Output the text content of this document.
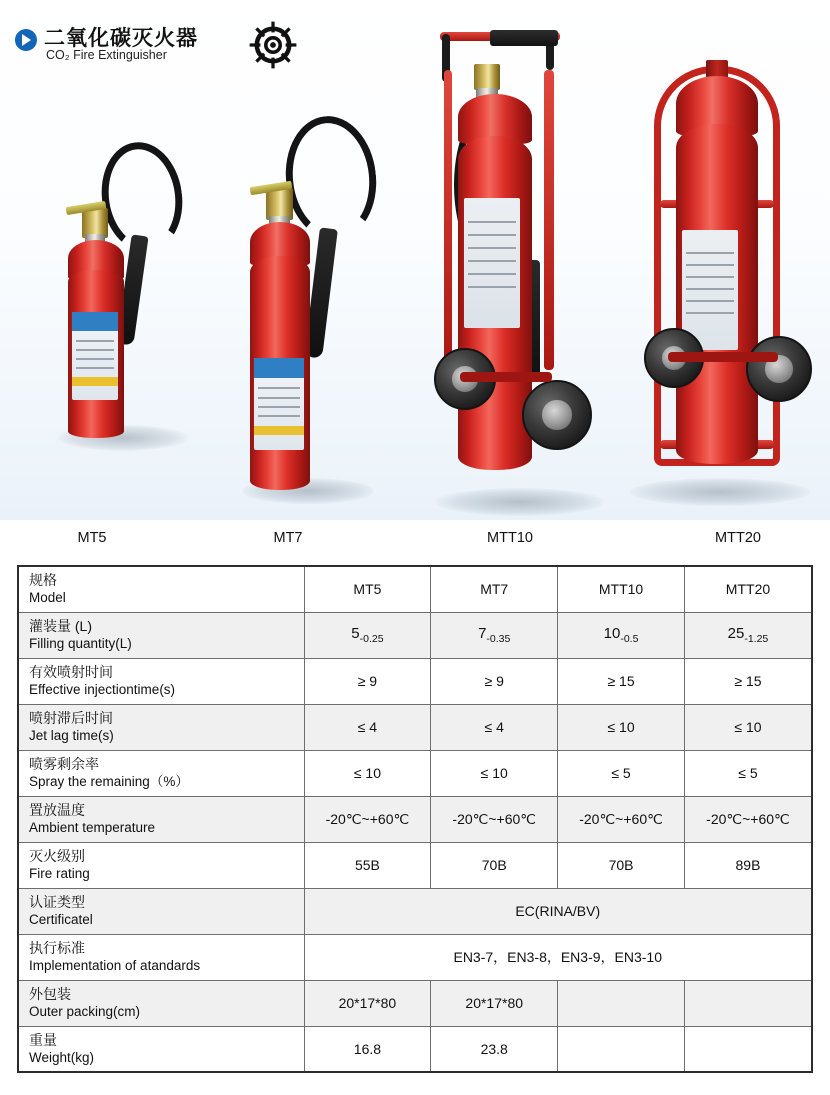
二氧化碳灭火器
CO₂ Fire Extinguisher
MT5	MT7	MTT10	MTT20
规格
Model	MT5	MT7	MTT10	MTT20

灌装量 (L)
Filling quantity(L)	$5_{-0.25}$	$7_{-0.35}$	$10_{-0.5}$	$25_{-1.25}$

有效喷射时间
Effective injectiontime(s)	≥ 9	≥ 9	≥ 15	≥ 15

喷射滞后时间
Jet lag time(s)	≤ 4	≤ 4	≤ 10	≤ 10

喷雾剩余率
Spray the remaining（%）	≤ 10	≤ 10	≤ 5	≤ 5

置放温度
Ambient temperature	-20℃~+60℃	-20℃~+60℃	-20℃~+60℃	-20℃~+60℃

灭火级别
Fire rating	55B	70B	70B	89B

认证类型
Certificatel	EC(RINA/BV)			

执行标准
Implementation of atandards	EN3-7，EN3-8，EN3-9，EN3-10			

外包装
Outer packing(cm)	20*17*80	20*17*80		

重量
Weight(kg)	16.8	23.8		
